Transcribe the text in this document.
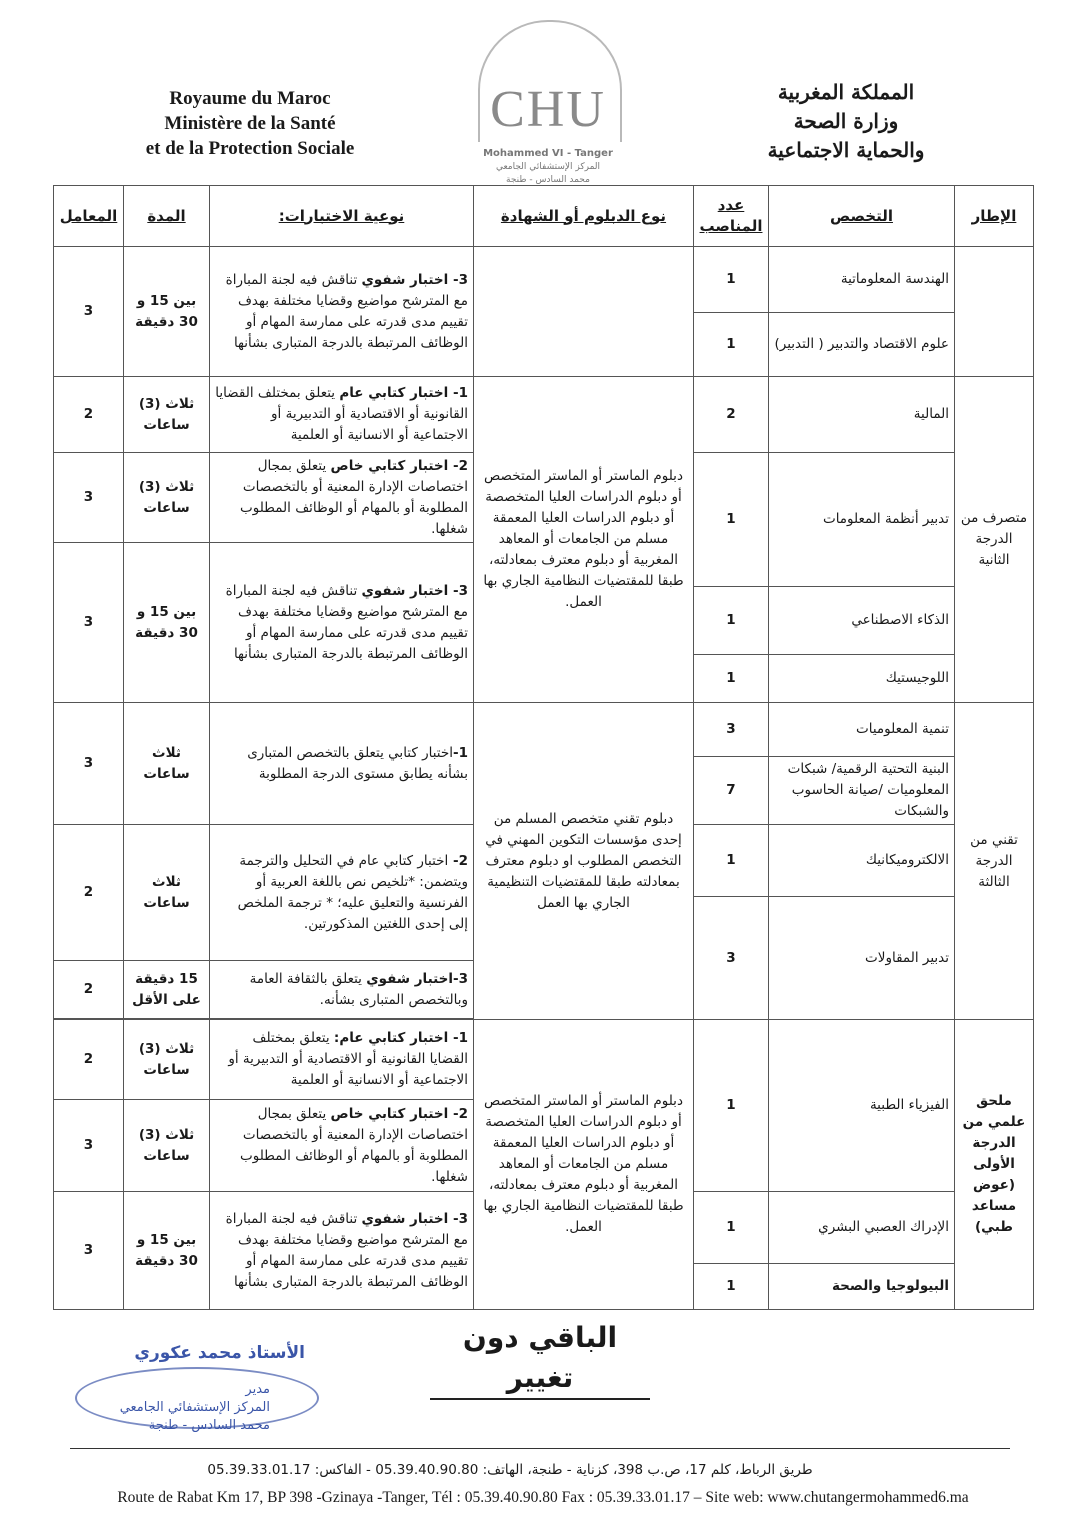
Royaume du Maroc
Ministère de la Santé
et de la Protection Sociale
CHU
Mohammed VI - Tanger
المركز الإستشفائي الجامعي
محمد السادس - طنجة
المملكة المغربية
وزارة الصحة
والحماية الاجتماعية
الإطار	التخصص	عدد المناصب	نوع الدبلوم أو الشهادة	نوعية الاختبارات:	المدة	المعامل
	الهندسة المعلوماتية	1		3- اختبار شفوي تناقش فيه لجنة المباراة مع المترشح مواضيع وقضايا مختلفة بهدف تقييم مدى قدرته على ممارسة المهام أو الوظائف المرتبطة بالدرجة المتبارى بشأنها	بين 15 و 30 دقيقة	3
	علوم الاقتصاد والتدبير ( التدبير)	1				
متصرف من الدرجة الثانية	المالية	2	دبلوم الماستر أو الماستر المتخصص أو دبلوم الدراسات العليا المتخصصة أو دبلوم الدراسات العليا المعمقة مسلم من الجامعات أو المعاهد المغربية أو دبلوم معترف بمعادلته، طبقا للمقتضيات النظامية الجاري بها العمل.	1- اختبار كتابي عام يتعلق بمختلف القضايا القانونية أو الاقتصادية أو التدبيرية أو الاجتماعية أو الانسانية أو العلمية	ثلاث (3) ساعات	2
	تدبير أنظمة المعلومات	1		2- اختبار كتابي خاص يتعلق بمجال اختصاصات الإدارة المعنية أو بالتخصصات المطلوبة أو بالمهام أو الوظائف المطلوب شغلها.	ثلاث (3) ساعات	3
				3- اختبار شفوي تناقش فيه لجنة المباراة مع المترشح مواضيع وقضايا مختلفة بهدف تقييم مدى قدرته على ممارسة المهام أو الوظائف المرتبطة بالدرجة المتبارى بشأنها	بين 15 و 30 دقيقة	3
	الذكاء الاصطناعي	1				
	اللوجيستيك	1				
تقني من الدرجة الثالثة	تنمية المعلوميات	3	دبلوم تقني متخصص المسلم من إحدى مؤسسات التكوين المهني في التخصص المطلوب او دبلوم معترف بمعادلته طبقا للمقتضيات التنظيمية الجاري بها العمل	1-اختبار كتابي يتعلق بالتخصص المتبارى بشأنه يطابق مستوى الدرجة المطلوبة	ثلاث ساعات	3
	البنية التحتية الرقمية/ شبكات المعلوميات /صيانة الحاسوب والشبكات	7				
	الالكتروميكانيك	1		2- اختبار كتابي عام في التحليل والترجمة ويتضمن: *تلخيص نص باللغة العربية أو الفرنسية والتعليق عليه؛ * ترجمة الملخص إلى إحدى اللغتين المذكورتين.	ثلاث ساعات	2
	تدبير المقاولات	3				
				3-اختبار شفوي يتعلق بالثقافة العامة وبالتخصص المتبارى بشأنه.	15 دقيقة على الأقل	2

ملحق علمي من الدرجة الأولى (عوض مساعد طبي)	الفيزياء الطبية	1	دبلوم الماستر أو الماستر المتخصص أو دبلوم الدراسات العليا المتخصصة أو دبلوم الدراسات العليا المعمقة مسلم من الجامعات أو المعاهد المغربية أو دبلوم معترف بمعادلته، طبقا للمقتضيات النظامية الجاري بها العمل.	1- اختبار كتابي عام: يتعلق بمختلف القضايا القانونية أو الاقتصادية أو التدبيرية أو الاجتماعية أو الانسانية أو العلمية	ثلاث (3) ساعات	2
				2- اختبار كتابي خاص يتعلق بمجال اختصاصات الإدارة المعنية أو بالتخصصات المطلوبة أو بالمهام أو الوظائف المطلوب شغلها.	ثلاث (3) ساعات	3
	الإدراك العصبي البشري	1		3- اختبار شفوي تناقش فيه لجنة المباراة مع المترشح مواضيع وقضايا مختلفة بهدف تقييم مدى قدرته على ممارسة المهام أو الوظائف المرتبطة بالدرجة المتبارى بشأنها	بين 15 و 30 دقيقة	3
	البيولوجيا والصحة	1				
الباقي دون تغيير
الأستاذ محمد عكوري
مدير
المركز الإستشفائي الجامعي
محمد السادس - طنجة
طريق الرباط، كلم 17، ص.ب 398، كزناية - طنجة، الهاتف: 05.39.40.90.80 - الفاكس: 05.39.33.01.17
Route de Rabat Km 17, BP 398 -Gzinaya -Tanger, Tél : 05.39.40.90.80 Fax : 05.39.33.01.17 – Site web: www.chutangermohammed6.ma
